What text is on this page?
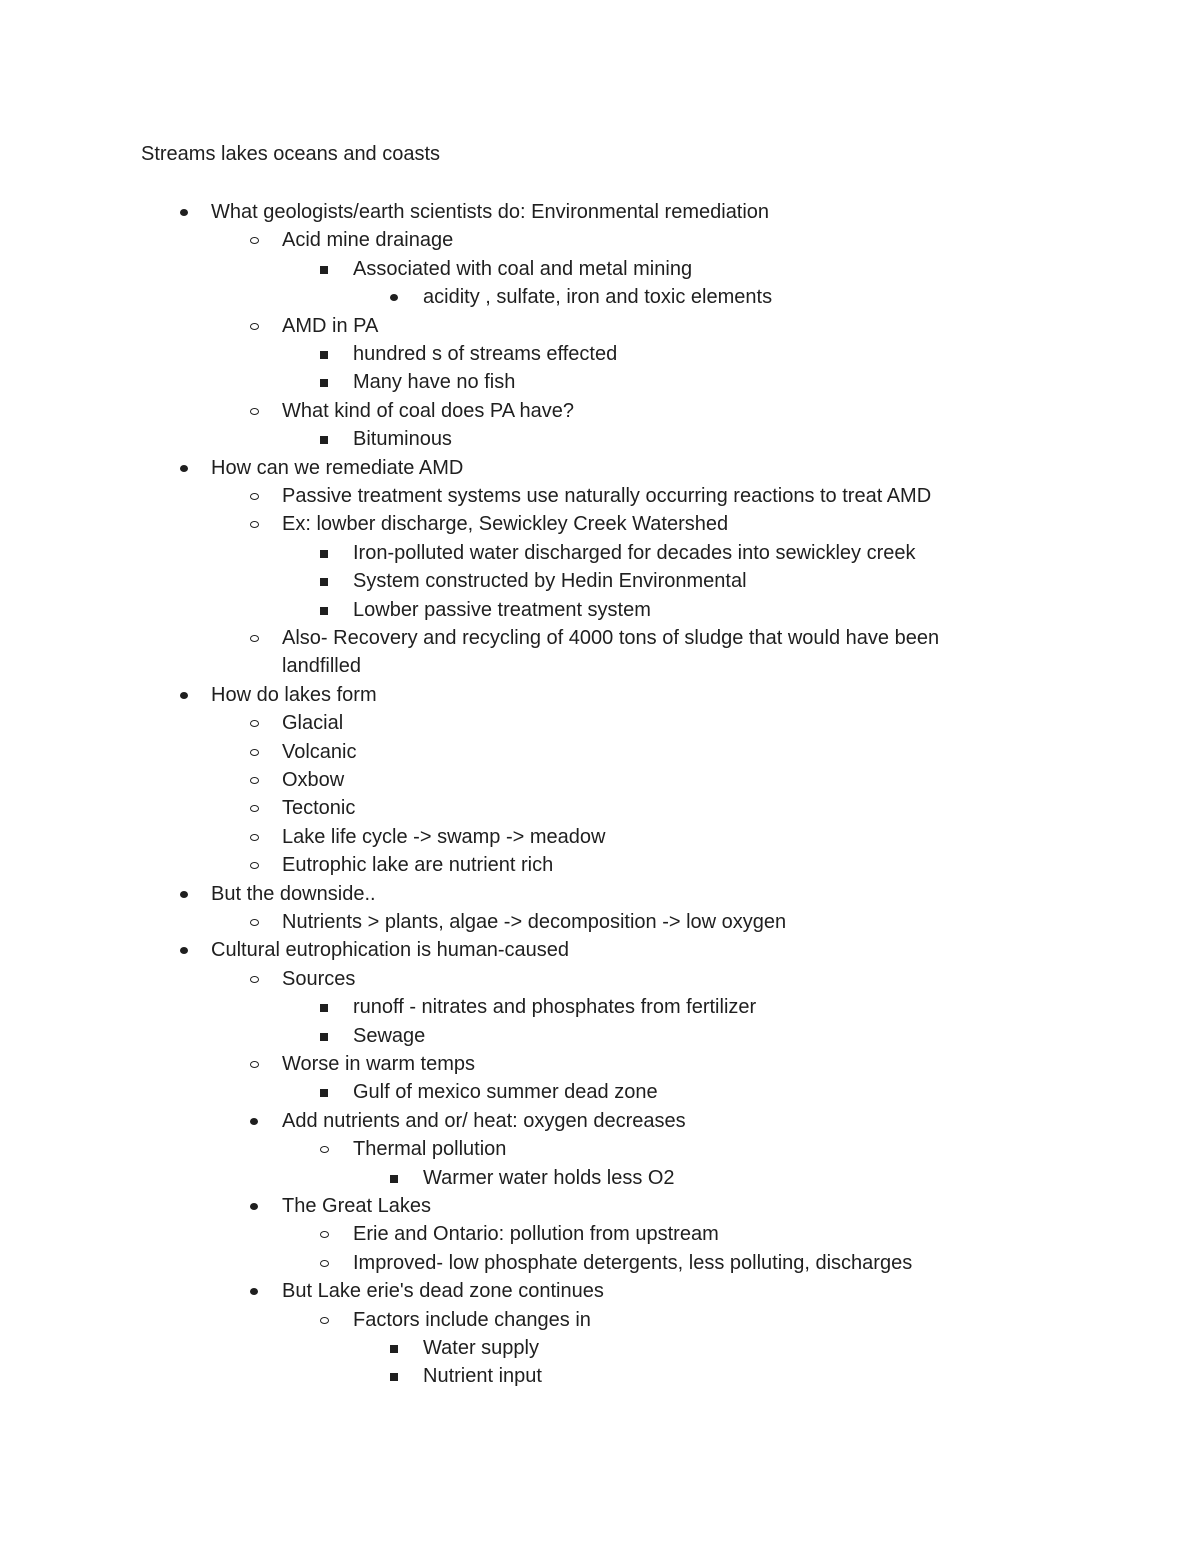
Streams lakes oceans and coasts
What geologists/earth scientists do: Environmental remediation
Acid mine drainage
Associated with coal and metal mining
acidity , sulfate, iron and toxic elements
AMD in PA
hundred s of streams effected
Many have no fish
What kind of coal does PA have?
Bituminous
How can we remediate AMD
Passive treatment systems use naturally occurring reactions to treat AMD
Ex: lowber discharge, Sewickley Creek Watershed
Iron-polluted water discharged for decades into sewickley creek
System constructed by Hedin Environmental
Lowber passive treatment system
Also- Recovery and recycling of 4000 tons of sludge that would have been
landfilled
How do lakes form
Glacial
Volcanic
Oxbow
Tectonic
Lake life cycle -> swamp -> meadow
Eutrophic lake are nutrient rich
But the downside..
Nutrients > plants, algae -> decomposition -> low oxygen
Cultural eutrophication is human-caused
Sources
runoff - nitrates and phosphates from fertilizer
Sewage
Worse in warm temps
Gulf of mexico summer dead zone
Add nutrients and or/ heat: oxygen decreases
Thermal pollution
Warmer water holds less O2
The Great Lakes
Erie and Ontario: pollution from upstream
Improved- low phosphate detergents, less polluting, discharges
But Lake erie's dead zone continues
Factors include changes in
Water supply
Nutrient input
